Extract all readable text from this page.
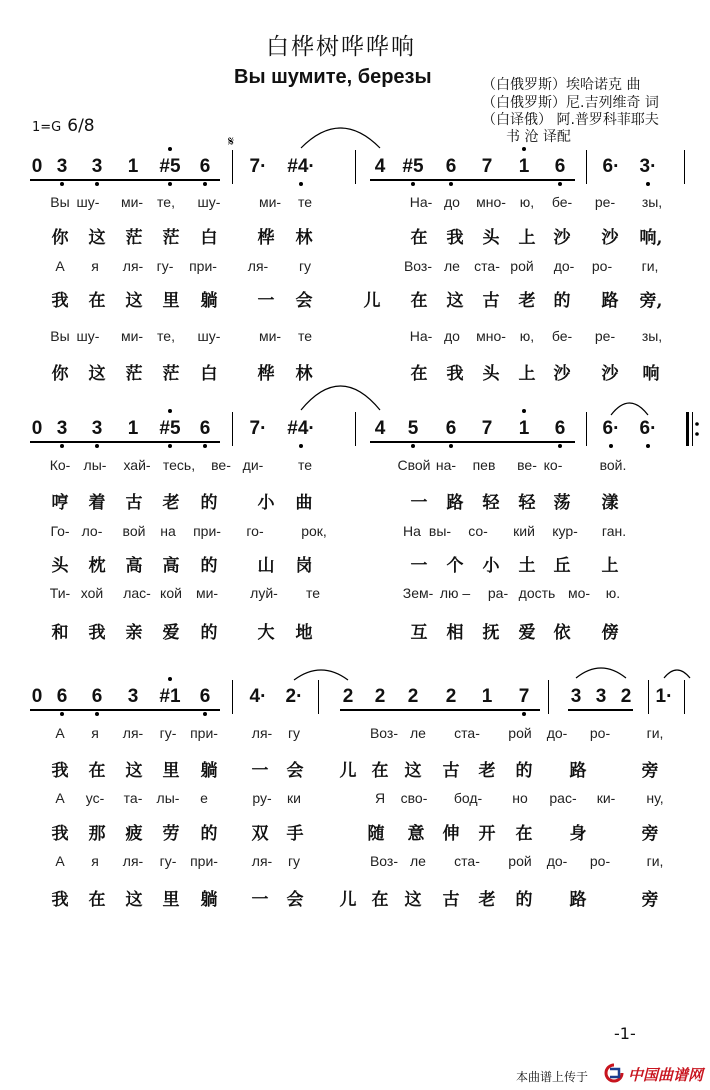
白桦树哗哗响
Вы шумите, березы	（白俄罗斯）埃哈诺克 曲
（白俄罗斯）尼.吉列维奇 词
（白译俄） 阿.普罗科菲耶夫
书 沧 译配
1=G 6/8
0 3 3 1 #5 6 7· #4·	4 #5 6 7 1 6 6· 3·
Вы шу- ми- те, шу-	ми- те	На- до мно- ю, бе- ре- зы,
你 这 茫 茫 白 桦 林	在 我 头 上 沙 沙 响,
А я ля- гу- при- ля- гу	Воз- ле ста- рой до- ро- ги,
我 在 这 里 躺 一 会	儿 在 这 古 老 的 路 旁,
Вы шу- ми- те, шу-	ми- те	На- до мно- ю, бе- ре- зы,
你 这 茫 茫 白 桦 林	在 我 头 上 沙 沙 响
0 3 3 1 #5 6 7· #4·	4 5 6 7 1 6 6· 6·
Ко- лы- хай- тесь, ве- ди- те	Свой на- пев ве- ко-	вой.
哼 着 古 老 的 小 曲	一 路 轻 轻 荡 漾
Го- ло- вой на при- го-	рок,	На вы- со- кий кур- ган.
头 枕 高 高 的 山 岗	一 个 小 土 丘 上
Ти- хой лас- кой ми- луй- те	Зем- лю – ра- дость мо- ю.
和 我 亲 爱 的 大 地	互 相 抚 爱 依 傍
0 6 6 3 #1 6 4· 2· 2 2 2 2 1 7 3 3 2 1·
А я ля- гу- при- ля- гу	Воз- ле ста- рой до- ро-	ги,
我 在 这 里 躺 一 会 儿 在 这 古 老 的 路	旁
А ус- та- лы- е	ру- ки	Я сво- бод- но рас- ки- ну,
我 那 疲 劳 的 双 手	随 意 伸 开 在 身	旁
А я ля- гу- при- ля- гу	Воз- ле ста- рой до- ро-	ги,
我 在 这 里 躺 一 会 儿 在 这 古 老 的 路	旁
-1-
本曲谱上传于	中国曲谱网
𝄋
